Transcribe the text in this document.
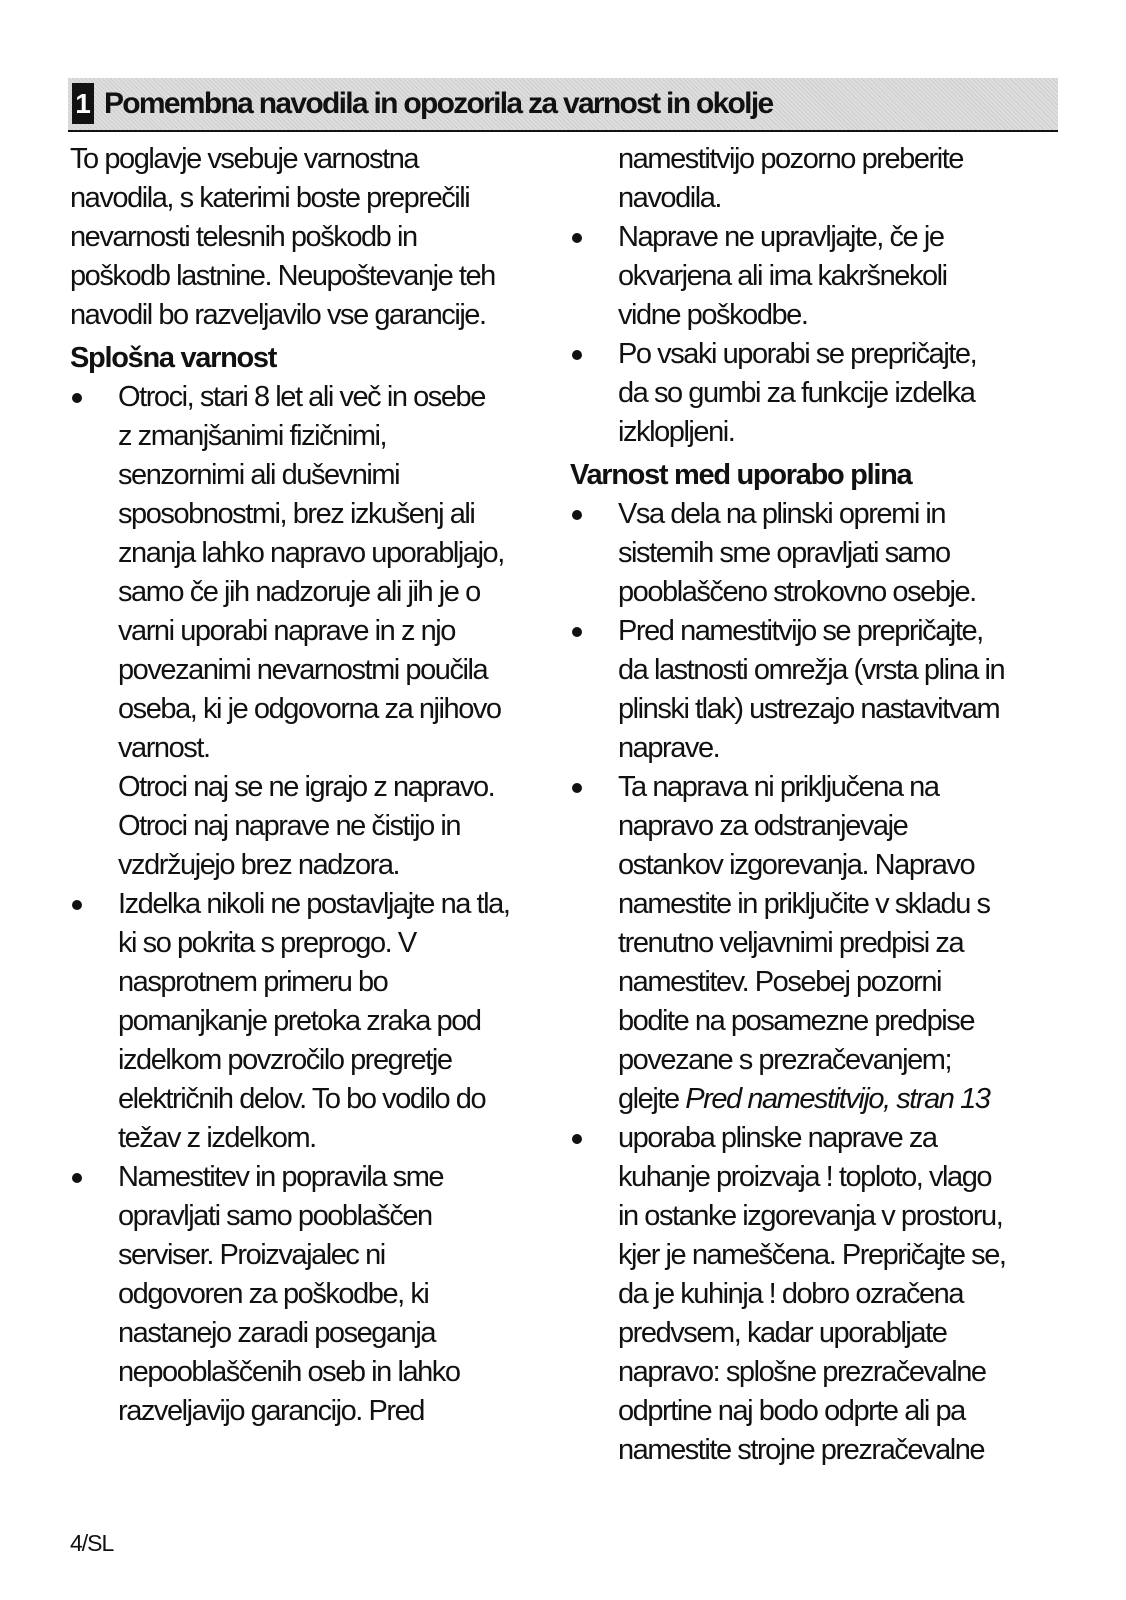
1 Pomembna navodila in opozorila za varnost in okolje
To poglavje vsebuje varnostna
navodila, s katerimi boste preprečili
nevarnosti telesnih poškodb in
poškodb lastnine. Neupoštevanje teh
navodil bo razveljavilo vse garancije.
Splošna varnost
Otroci, stari 8 let ali več in osebe
z zmanjšanimi fizičnimi,
senzornimi ali duševnimi
sposobnostmi, brez izkušenj ali
znanja lahko napravo uporabljajo,
samo če jih nadzoruje ali jih je o
varni uporabi naprave in z njo
povezanimi nevarnostmi poučila
oseba, ki je odgovorna za njihovo
varnost.
Otroci naj se ne igrajo z napravo.
Otroci naj naprave ne čistijo in
vzdržujejo brez nadzora.
Izdelka nikoli ne postavljajte na tla,
ki so pokrita s preprogo. V
nasprotnem primeru bo
pomanjkanje pretoka zraka pod
izdelkom povzročilo pregretje
električnih delov. To bo vodilo do
težav z izdelkom.
Namestitev in popravila sme
opravljati samo pooblaščen
serviser. Proizvajalec ni
odgovoren za poškodbe, ki
nastanejo zaradi poseganja
nepooblaščenih oseb in lahko
razveljavijo garancijo. Pred
namestitvijo pozorno preberite
navodila.
Naprave ne upravljajte, če je
okvarjena ali ima kakršnekoli
vidne poškodbe.
Po vsaki uporabi se prepričajte,
da so gumbi za funkcije izdelka
izklopljeni.
Varnost med uporabo plina
Vsa dela na plinski opremi in
sistemih sme opravljati samo
pooblaščeno strokovno osebje.
Pred namestitvijo se prepričajte,
da lastnosti omrežja (vrsta plina in
plinski tlak) ustrezajo nastavitvam
naprave.
Ta naprava ni priključena na
napravo za odstranjevaje
ostankov izgorevanja. Napravo
namestite in priključite v skladu s
trenutno veljavnimi predpisi za
namestitev. Posebej pozorni
bodite na posamezne predpise
povezane s prezračevanjem;
glejte Pred namestitvijo, stran 13
uporaba plinske naprave za
kuhanje proizvaja ! toploto, vlago
in ostanke izgorevanja v prostoru,
kjer je nameščena. Prepričajte se,
da je kuhinja ! dobro ozračena
predvsem, kadar uporabljate
napravo: splošne prezračevalne
odprtine naj bodo odprte ali pa
namestite strojne prezračevalne
4/SL
